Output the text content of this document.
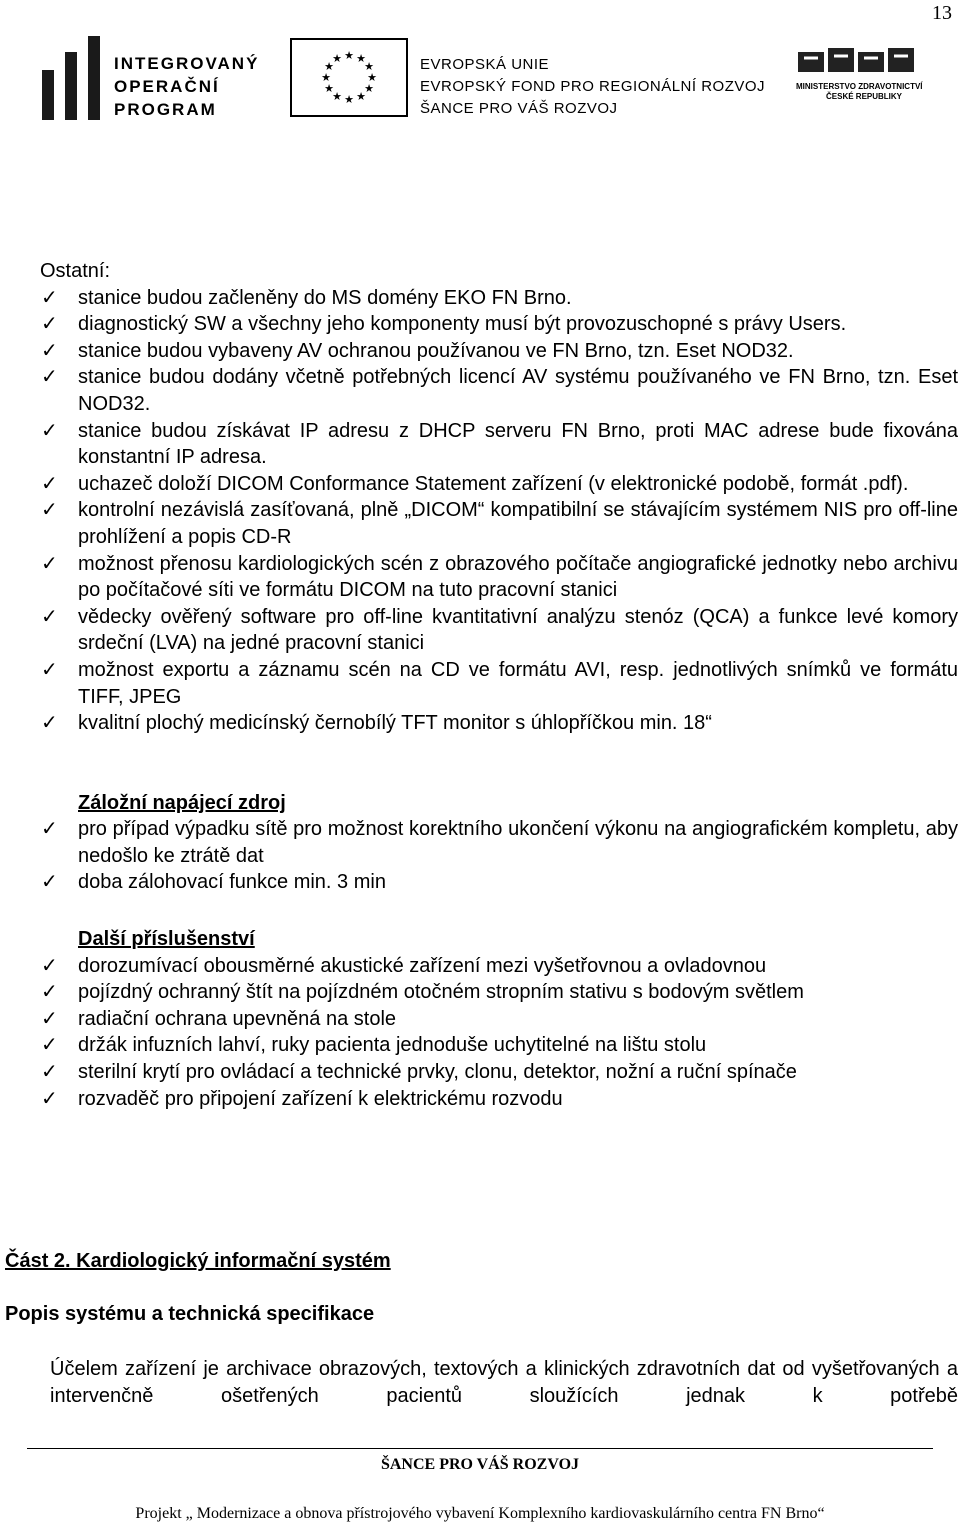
13
INTEGROVANÝ
OPERAČNÍ
PROGRAM
★ ★
★
★
★
★
★
★
★
★
★
★	EVROPSKÁ UNIE
EVROPSKÝ FOND PRO REGIONÁLNÍ ROZVOJ
ŠANCE PRO VÁŠ ROZVOJ
MINISTERSTVO ZDRAVOTNICTVÍ
ČESKÉ REPUBLIKY

Ostatní:

✓ stanice budou začleněny do MS domény EKO FN Brno.
✓ diagnostický SW a všechny jeho komponenty musí být provozuschopné s právy Users.
✓ stanice budou vybaveny AV ochranou používanou ve FN Brno, tzn. Eset NOD32.
✓ stanice budou dodány včetně potřebných licencí AV systému používaného ve FN Brno, tzn. Eset NOD32.
✓ stanice budou získávat IP adresu z DHCP serveru FN Brno, proti MAC adrese bude fixována konstantní IP adresa.
✓ uchazeč doloží DICOM Conformance Statement zařízení (v elektronické podobě, formát .pdf).
✓ kontrolní nezávislá zasíťovaná, plně „DICOM“ kompatibilní se stávajícím systémem NIS pro off-line prohlížení a popis CD-R
✓ možnost přenosu kardiologických scén z obrazového počítače angiografické jednotky nebo archivu po počítačové síti ve formátu DICOM na tuto pracovní stanici
✓ vědecky ověřený software pro off-line kvantitativní analýzu stenóz (QCA) a funkce levé komory srdeční (LVA) na jedné pracovní stanici
✓ možnost exportu a záznamu scén na CD ve formátu AVI, resp. jednotlivých snímků ve formátu TIFF, JPEG
✓ kvalitní plochý medicínský černobílý TFT monitor s úhlopříčkou min. 18“
Záložní napájecí zdroj
✓ pro případ výpadku sítě pro možnost korektního ukončení výkonu na angiografickém kompletu, aby nedošlo ke ztrátě dat
✓ doba zálohovací funkce min. 3 min
Další příslušenství
✓ dorozumívací obousměrné akustické zařízení mezi vyšetřovnou a ovladovnou
✓ pojízdný ochranný štít na pojízdném otočném stropním stativu s bodovým světlem
✓ radiační ochrana upevněná na stole
✓ držák infuzních lahví, ruky pacienta jednoduše uchytitelné na lištu stolu
✓ sterilní krytí pro ovládací a technické prvky, clonu, detektor, nožní a ruční spínače
✓ rozvaděč pro připojení zařízení k elektrickému rozvodu
Část 2. Kardiologický informační systém
Popis systému a technická specifikace
Účelem zařízení je archivace obrazových, textových a klinických zdravotních dat od vyšetřovaných a intervenčně ošetřených pacientů sloužících jednak k potřebě
ŠANCE PRO VÁŠ ROZVOJ
Projekt „ Modernizace a obnova přístrojového vybavení Komplexního kardiovaskulárního centra FN Brno“
